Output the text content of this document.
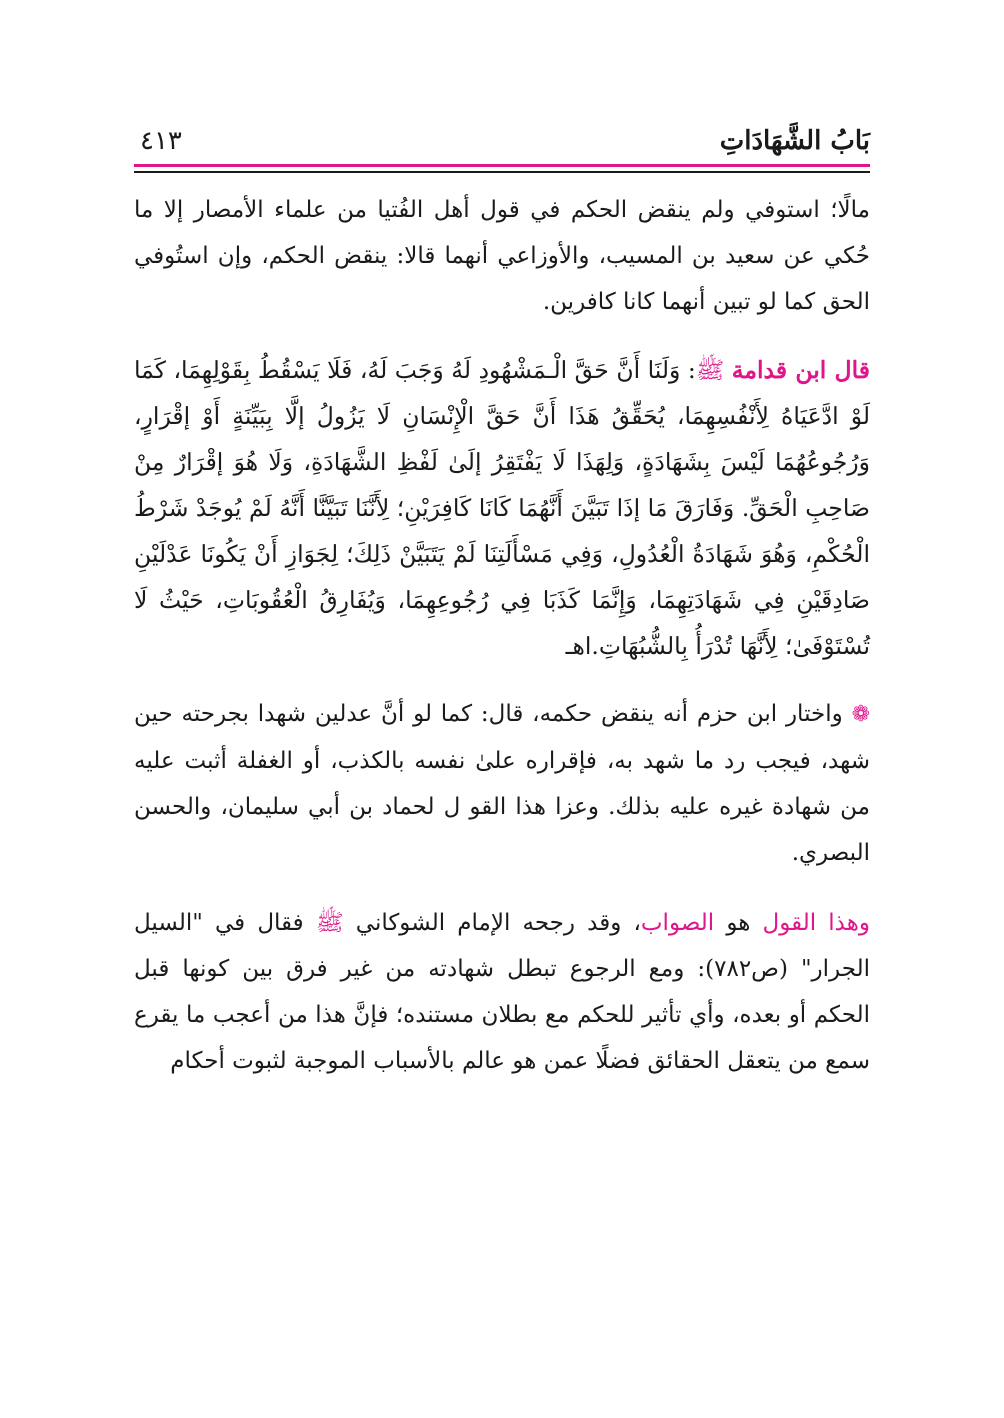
بَابُ الشَّهَادَاتِ
٤١٣

مالًا؛ استوفي ولم ينقض الحكم في قول أهل الفُتيا من علماء الأمصار إلا ما حُكي عن سعيد بن المسيب، والأوزاعي أنهما قالا: ينقض الحكم، وإن استُوفي الحق كما لو تبين أنهما كانا كافرين.

قال ابن قدامة ﷺ: وَلَنَا أَنَّ حَقَّ الْـمَشْهُودِ لَهُ وَجَبَ لَهُ، فَلَا يَسْقُطُ بِقَوْلِهِمَا، كَمَا لَوْ ادَّعَيَاهُ لِأَنْفُسِهِمَا، يُحَقِّقُ هَذَا أَنَّ حَقَّ الْإِنْسَانِ لَا يَزُولُ إلَّا بِبَيِّنَةٍ أَوْ إقْرَارٍ، وَرُجُوعُهُمَا لَيْسَ بِشَهَادَةٍ، وَلِهَذَا لَا يَفْتَقِرُ إلَىٰ لَفْظِ الشَّهَادَةِ، وَلَا هُوَ إقْرَارٌ مِنْ صَاحِبِ الْحَقِّ. وَفَارَقَ مَا إذَا تَبَيَّنَ أَنَّهُمَا كَانَا كَافِرَيْنِ؛ لِأَنَّنَا تَبَيَّنَّا أَنَّهُ لَمْ يُوجَدْ شَرْطُ الْحُكْمِ، وَهُوَ شَهَادَةُ الْعُدُولِ، وَفِي مَسْأَلَتِنَا لَمْ يَتَبَيَّنْ ذَلِكَ؛ لِجَوَازِ أَنْ يَكُونَا عَدْلَيْنِ صَادِقَيْنِ فِي شَهَادَتِهِمَا، وَإِنَّمَا كَذَبَا فِي رُجُوعِهِمَا، وَيُفَارِقُ الْعُقُوبَاتِ، حَيْثُ لَا تُسْتَوْفَىٰ؛ لِأَنَّهَا تُدْرَأُ بِالشُّبُهَاتِ.اهـ

❁ واختار ابن حزم أنه ينقض حكمه، قال: كما لو أنَّ عدلين شهدا بجرحته حين شهد، فيجب رد ما شهد به، فإقراره علىٰ نفسه بالكذب، أو الغفلة أثبت عليه من شهادة غيره عليه بذلك. وعزا هذا القو ل لحماد بن أبي سليمان، والحسن البصري.

وهذا القول هو الصواب، وقد رجحه الإمام الشوكاني ﷺ فقال في "السيل الجرار" (ص٧٨٢): ومع الرجوع تبطل شهادته من غير فرق بين كونها قبل الحكم أو بعده، وأي تأثير للحكم مع بطلان مستنده؛ فإنَّ هذا من أعجب ما يقرع سمع من يتعقل الحقائق فضلًا عمن هو عالم بالأسباب الموجبة لثبوت أحكام
